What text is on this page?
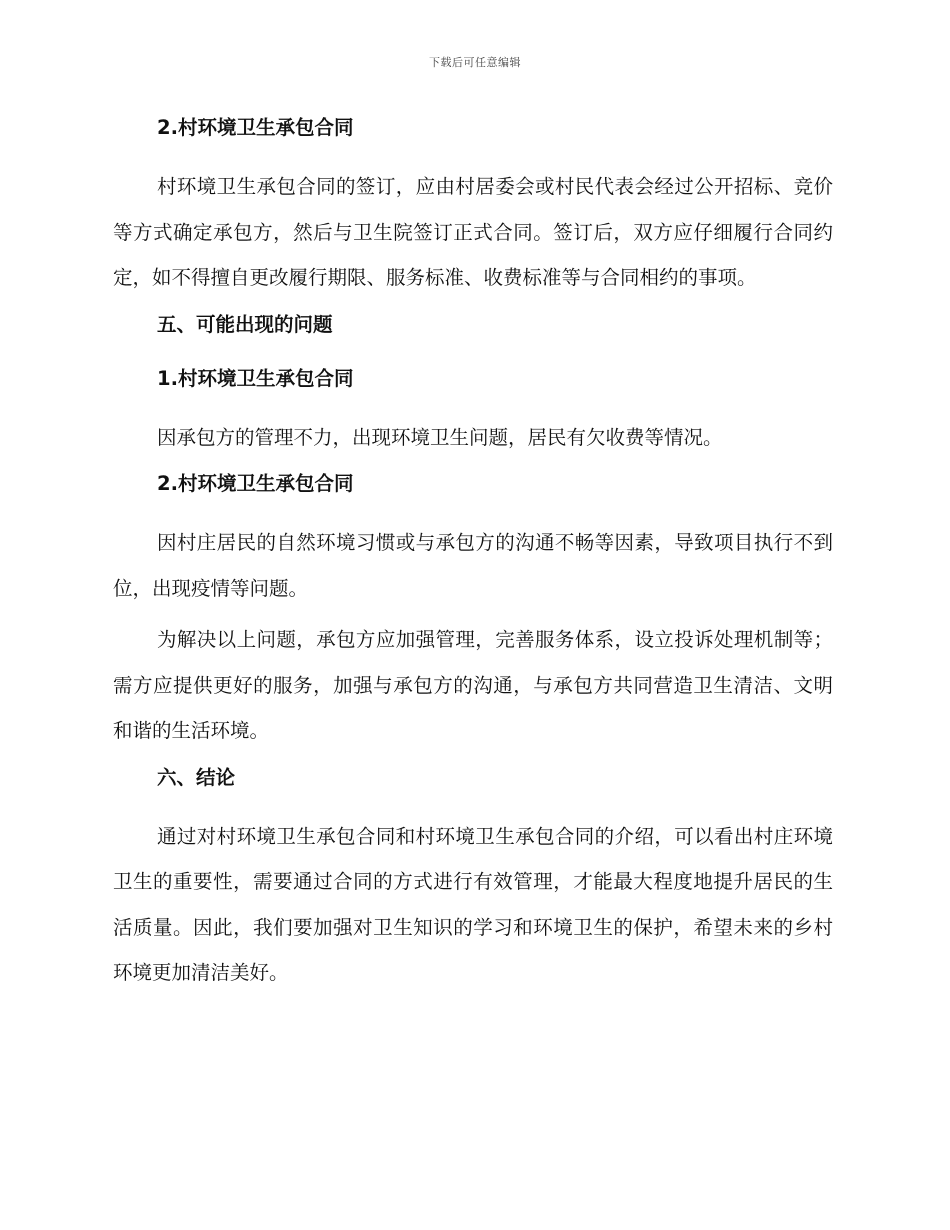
下载后可任意编辑
2.村环境卫生承包合同
村环境卫生承包合同的签订，应由村居委会或村民代表会经过公开招标、竞价等方式确定承包方，然后与卫生院签订正式合同。签订后，双方应仔细履行合同约定，如不得擅自更改履行期限、服务标准、收费标准等与合同相约的事项。
五、可能出现的问题
1.村环境卫生承包合同
因承包方的管理不力，出现环境卫生问题，居民有欠收费等情况。
2.村环境卫生承包合同
因村庄居民的自然环境习惯或与承包方的沟通不畅等因素，导致项目执行不到位，出现疫情等问题。
为解决以上问题，承包方应加强管理，完善服务体系，设立投诉处理机制等；需方应提供更好的服务，加强与承包方的沟通，与承包方共同营造卫生清洁、文明和谐的生活环境。
六、结论
通过对村环境卫生承包合同和村环境卫生承包合同的介绍，可以看出村庄环境卫生的重要性，需要通过合同的方式进行有效管理，才能最大程度地提升居民的生活质量。因此，我们要加强对卫生知识的学习和环境卫生的保护，希望未来的乡村环境更加清洁美好。
